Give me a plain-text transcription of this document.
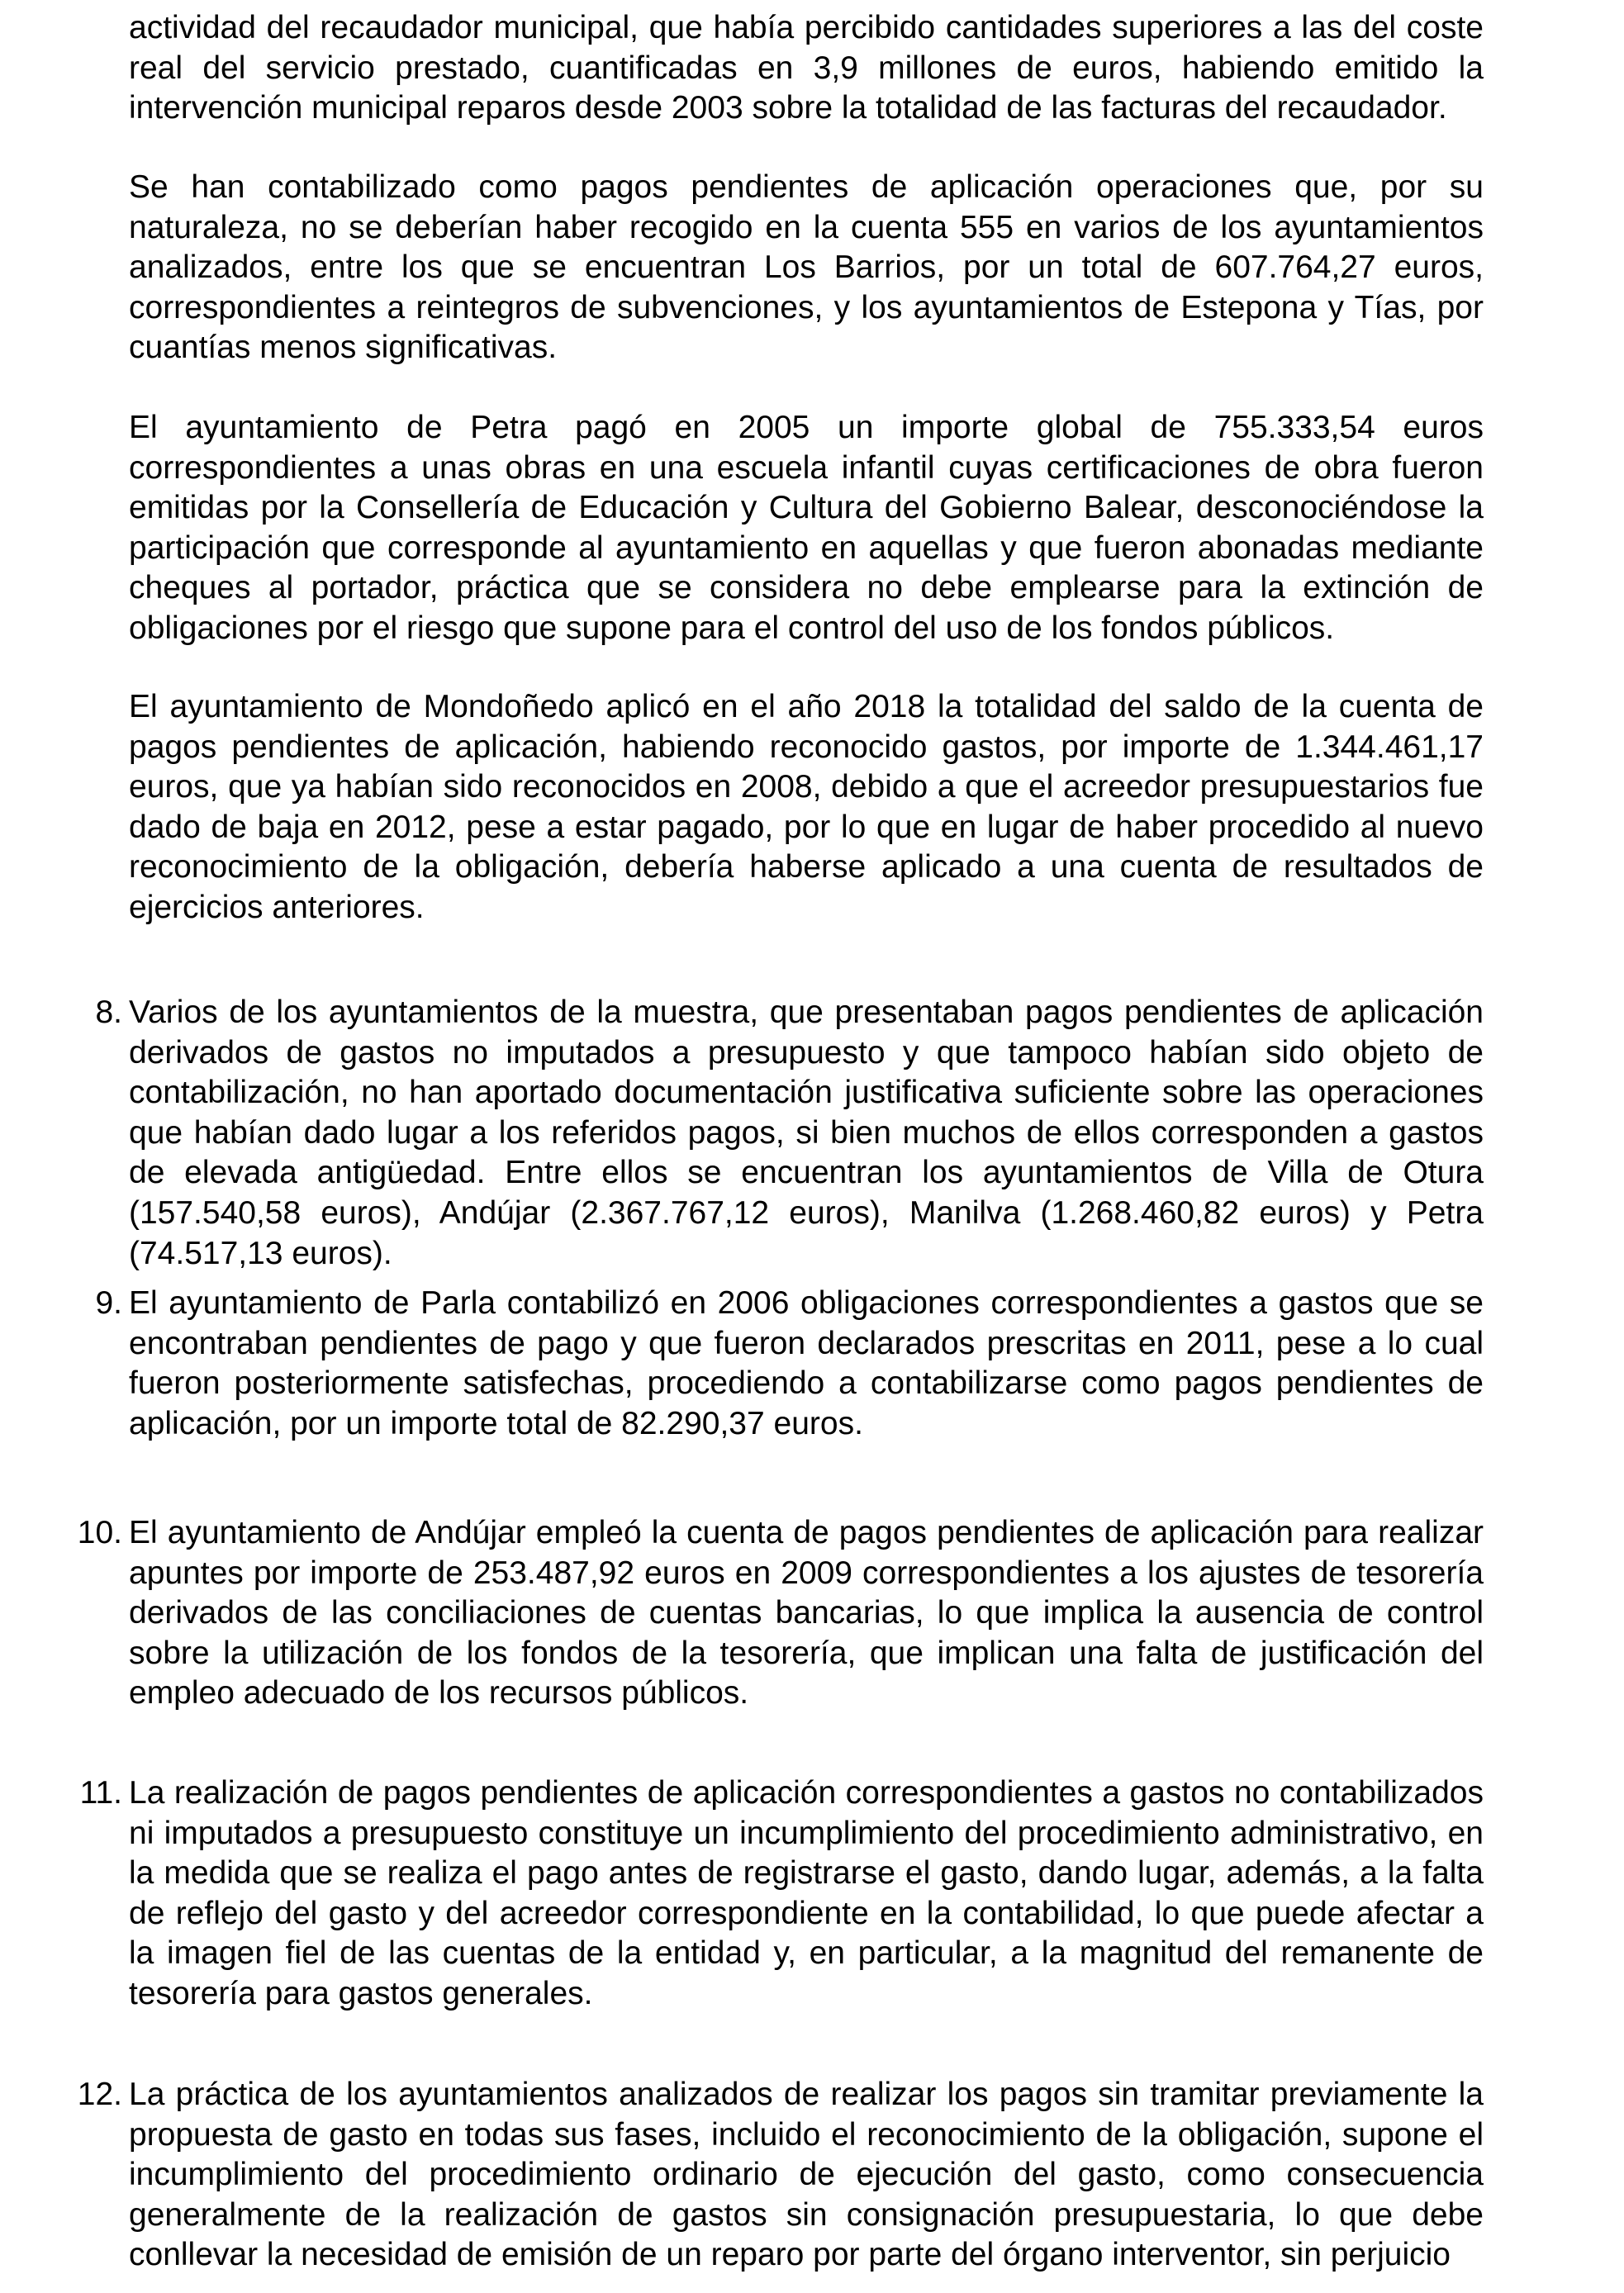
actividad del recaudador municipal, que había percibido cantidades superiores a las del coste real del servicio prestado, cuantificadas en 3,9 millones de euros, habiendo emitido la intervención municipal reparos desde 2003 sobre la totalidad de las facturas del recaudador.

Se han contabilizado como pagos pendientes de aplicación operaciones que, por su naturaleza, no se deberían haber recogido en la cuenta 555 en varios de los ayuntamientos analizados, entre los que se encuentran Los Barrios, por un total de 607.764,27 euros, correspondientes a reintegros de subvenciones, y los ayuntamientos de Estepona y Tías, por cuantías menos significativas.

El ayuntamiento de Petra pagó en 2005 un importe global de 755.333,54 euros correspondientes a unas obras en una escuela infantil cuyas certificaciones de obra fueron emitidas por la Consellería de Educación y Cultura del Gobierno Balear, desconociéndose la participación que corresponde al ayuntamiento en aquellas y que fueron abonadas mediante cheques al portador, práctica que se considera no debe emplearse para la extinción de obligaciones por el riesgo que supone para el control del uso de los fondos públicos.

El ayuntamiento de Mondoñedo aplicó en el año 2018 la totalidad del saldo de la cuenta de pagos pendientes de aplicación, habiendo reconocido gastos, por importe de 1.344.461,17 euros, que ya habían sido reconocidos en 2008, debido a que el acreedor presupuestarios fue dado de baja en 2012, pese a estar pagado, por lo que en lugar de haber procedido al nuevo reconocimiento de la obligación, debería haberse aplicado a una cuenta de resultados de ejercicios anteriores.

8. Varios de los ayuntamientos de la muestra, que presentaban pagos pendientes de aplicación derivados de gastos no imputados a presupuesto y que tampoco habían sido objeto de contabilización, no han aportado documentación justificativa suficiente sobre las operaciones que habían dado lugar a los referidos pagos, si bien muchos de ellos corresponden a gastos de elevada antigüedad. Entre ellos se encuentran los ayuntamientos de Villa de Otura (157.540,58 euros), Andújar (2.367.767,12 euros), Manilva (1.268.460,82 euros) y Petra (74.517,13 euros).
9. El ayuntamiento de Parla contabilizó en 2006 obligaciones correspondientes a gastos que se encontraban pendientes de pago y que fueron declarados prescritas en 2011, pese a lo cual fueron posteriormente satisfechas, procediendo a contabilizarse como pagos pendientes de aplicación, por un importe total de 82.290,37 euros.
10. El ayuntamiento de Andújar empleó la cuenta de pagos pendientes de aplicación para realizar apuntes por importe de 253.487,92 euros en 2009 correspondientes a los ajustes de tesorería derivados de las conciliaciones de cuentas bancarias, lo que implica la ausencia de control sobre la utilización de los fondos de la tesorería, que implican una falta de justificación del empleo adecuado de los recursos públicos.
11. La realización de pagos pendientes de aplicación correspondientes a gastos no contabilizados ni imputados a presupuesto constituye un incumplimiento del procedimiento administrativo, en la medida que se realiza el pago antes de registrarse el gasto, dando lugar, además, a la falta de reflejo del gasto y del acreedor correspondiente en la contabilidad, lo que puede afectar a la imagen fiel de las cuentas de la entidad y, en particular, a la magnitud del remanente de tesorería para gastos generales.
12. La práctica de los ayuntamientos analizados de realizar los pagos sin tramitar previamente la propuesta de gasto en todas sus fases, incluido el reconocimiento de la obligación, supone el incumplimiento del procedimiento ordinario de ejecución del gasto, como consecuencia generalmente de la realización de gastos sin consignación presupuestaria, lo que debe conllevar la necesidad de emisión de un reparo por parte del órgano interventor, sin perjuicio
